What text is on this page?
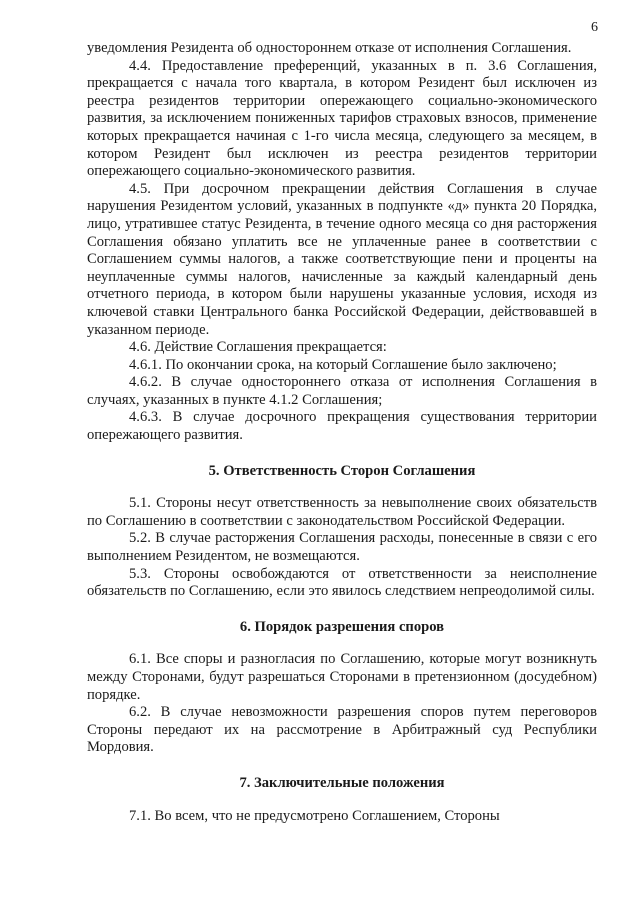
6

уведомления Резидента об одностороннем отказе от исполнения Соглашения.

4.4. Предоставление преференций, указанных в п. 3.6 Соглашения, прекращается с начала того квартала, в котором Резидент был исключен из реестра резидентов территории опережающего социально-экономического развития, за исключением пониженных тарифов страховых взносов, применение которых прекращается начиная с 1-го числа месяца, следующего за месяцем, в котором Резидент был исключен из реестра резидентов территории опережающего социально-экономического развития.

4.5. При досрочном прекращении действия Соглашения в случае нарушения Резидентом условий, указанных в подпункте «д» пункта 20 Порядка, лицо, утратившее статус Резидента, в течение одного месяца со дня расторжения Соглашения обязано уплатить все не уплаченные ранее в соответствии с Соглашением суммы налогов, а также соответствующие пени и проценты на неуплаченные суммы налогов, начисленные за каждый календарный день отчетного периода, в котором были нарушены указанные условия, исходя из ключевой ставки Центрального банка Российской Федерации, действовавшей в указанном периоде.

4.6. Действие Соглашения прекращается:

4.6.1. По окончании срока, на который Соглашение было заключено;

4.6.2. В случае одностороннего отказа от исполнения Соглашения в случаях, указанных в пункте 4.1.2 Соглашения;

4.6.3. В случае досрочного прекращения существования территории опережающего развития.

5. Ответственность Сторон Соглашения

5.1. Стороны несут ответственность за невыполнение своих обязательств по Соглашению в соответствии с законодательством Российской Федерации.

5.2. В случае расторжения Соглашения расходы, понесенные в связи с его выполнением Резидентом, не возмещаются.

5.3. Стороны освобождаются от ответственности за неисполнение обязательств по Соглашению, если это явилось следствием непреодолимой силы.

6. Порядок разрешения споров

6.1. Все споры и разногласия по Соглашению, которые могут возникнуть между Сторонами, будут разрешаться Сторонами в претензионном (досудебном) порядке.

6.2. В случае невозможности разрешения споров путем переговоров Стороны передают их на рассмотрение в Арбитражный суд Республики Мордовия.

7. Заключительные положения

7.1. Во всем, что не предусмотрено Соглашением, Стороны
